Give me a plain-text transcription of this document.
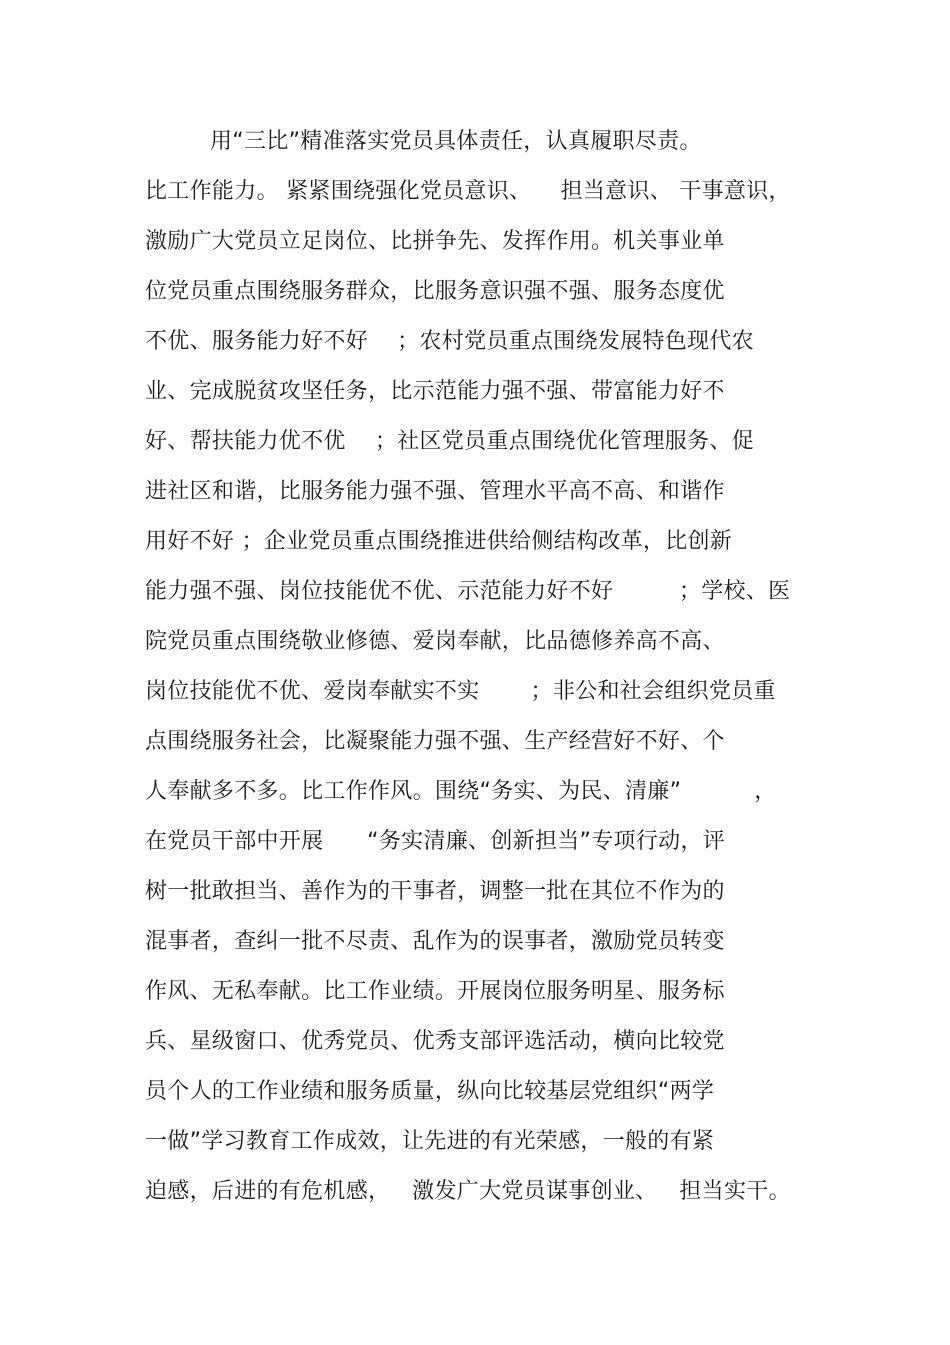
用“三比”精准落实党员具体责任，认真履职尽责。
比工作能力。 紧紧围绕强化党员意识、    担当意识、 干事意识，
激励广大党员立足岗位、比拼争先、发挥作用。机关事业单
位党员重点围绕服务群众，比服务意识强不强、服务态度优
不优、服务能力好不好    ；农村党员重点围绕发展特色现代农
业、完成脱贫攻坚任务，比示范能力强不强、带富能力好不
好、帮扶能力优不优    ；社区党员重点围绕优化管理服务、促
进社区和谐，比服务能力强不强、管理水平高不高、和谐作
用好不好 ；企业党员重点围绕推进供给侧结构改革，比创新
能力强不强、岗位技能优不优、示范能力好不好         ；学校、医
院党员重点围绕敬业修德、爱岗奉献，比品德修养高不高、
岗位技能优不优、爱岗奉献实不实       ；非公和社会组织党员重
点围绕服务社会，比凝聚能力强不强、生产经营好不好、个
人奉献多不多。比工作作风。围绕“务实、为民、清廉”          ，
在党员干部中开展      “务实清廉、创新担当”专项行动，评
树一批敢担当、善作为的干事者，调整一批在其位不作为的
混事者，查纠一批不尽责、乱作为的误事者，激励党员转变
作风、无私奉献。比工作业绩。开展岗位服务明星、服务标
兵、星级窗口、优秀党员、优秀支部评选活动，横向比较党
员个人的工作业绩和服务质量，纵向比较基层党组织“两学
一做”学习教育工作成效，让先进的有光荣感，一般的有紧
迫感，后进的有危机感，   激发广大党员谋事创业、   担当实干。
